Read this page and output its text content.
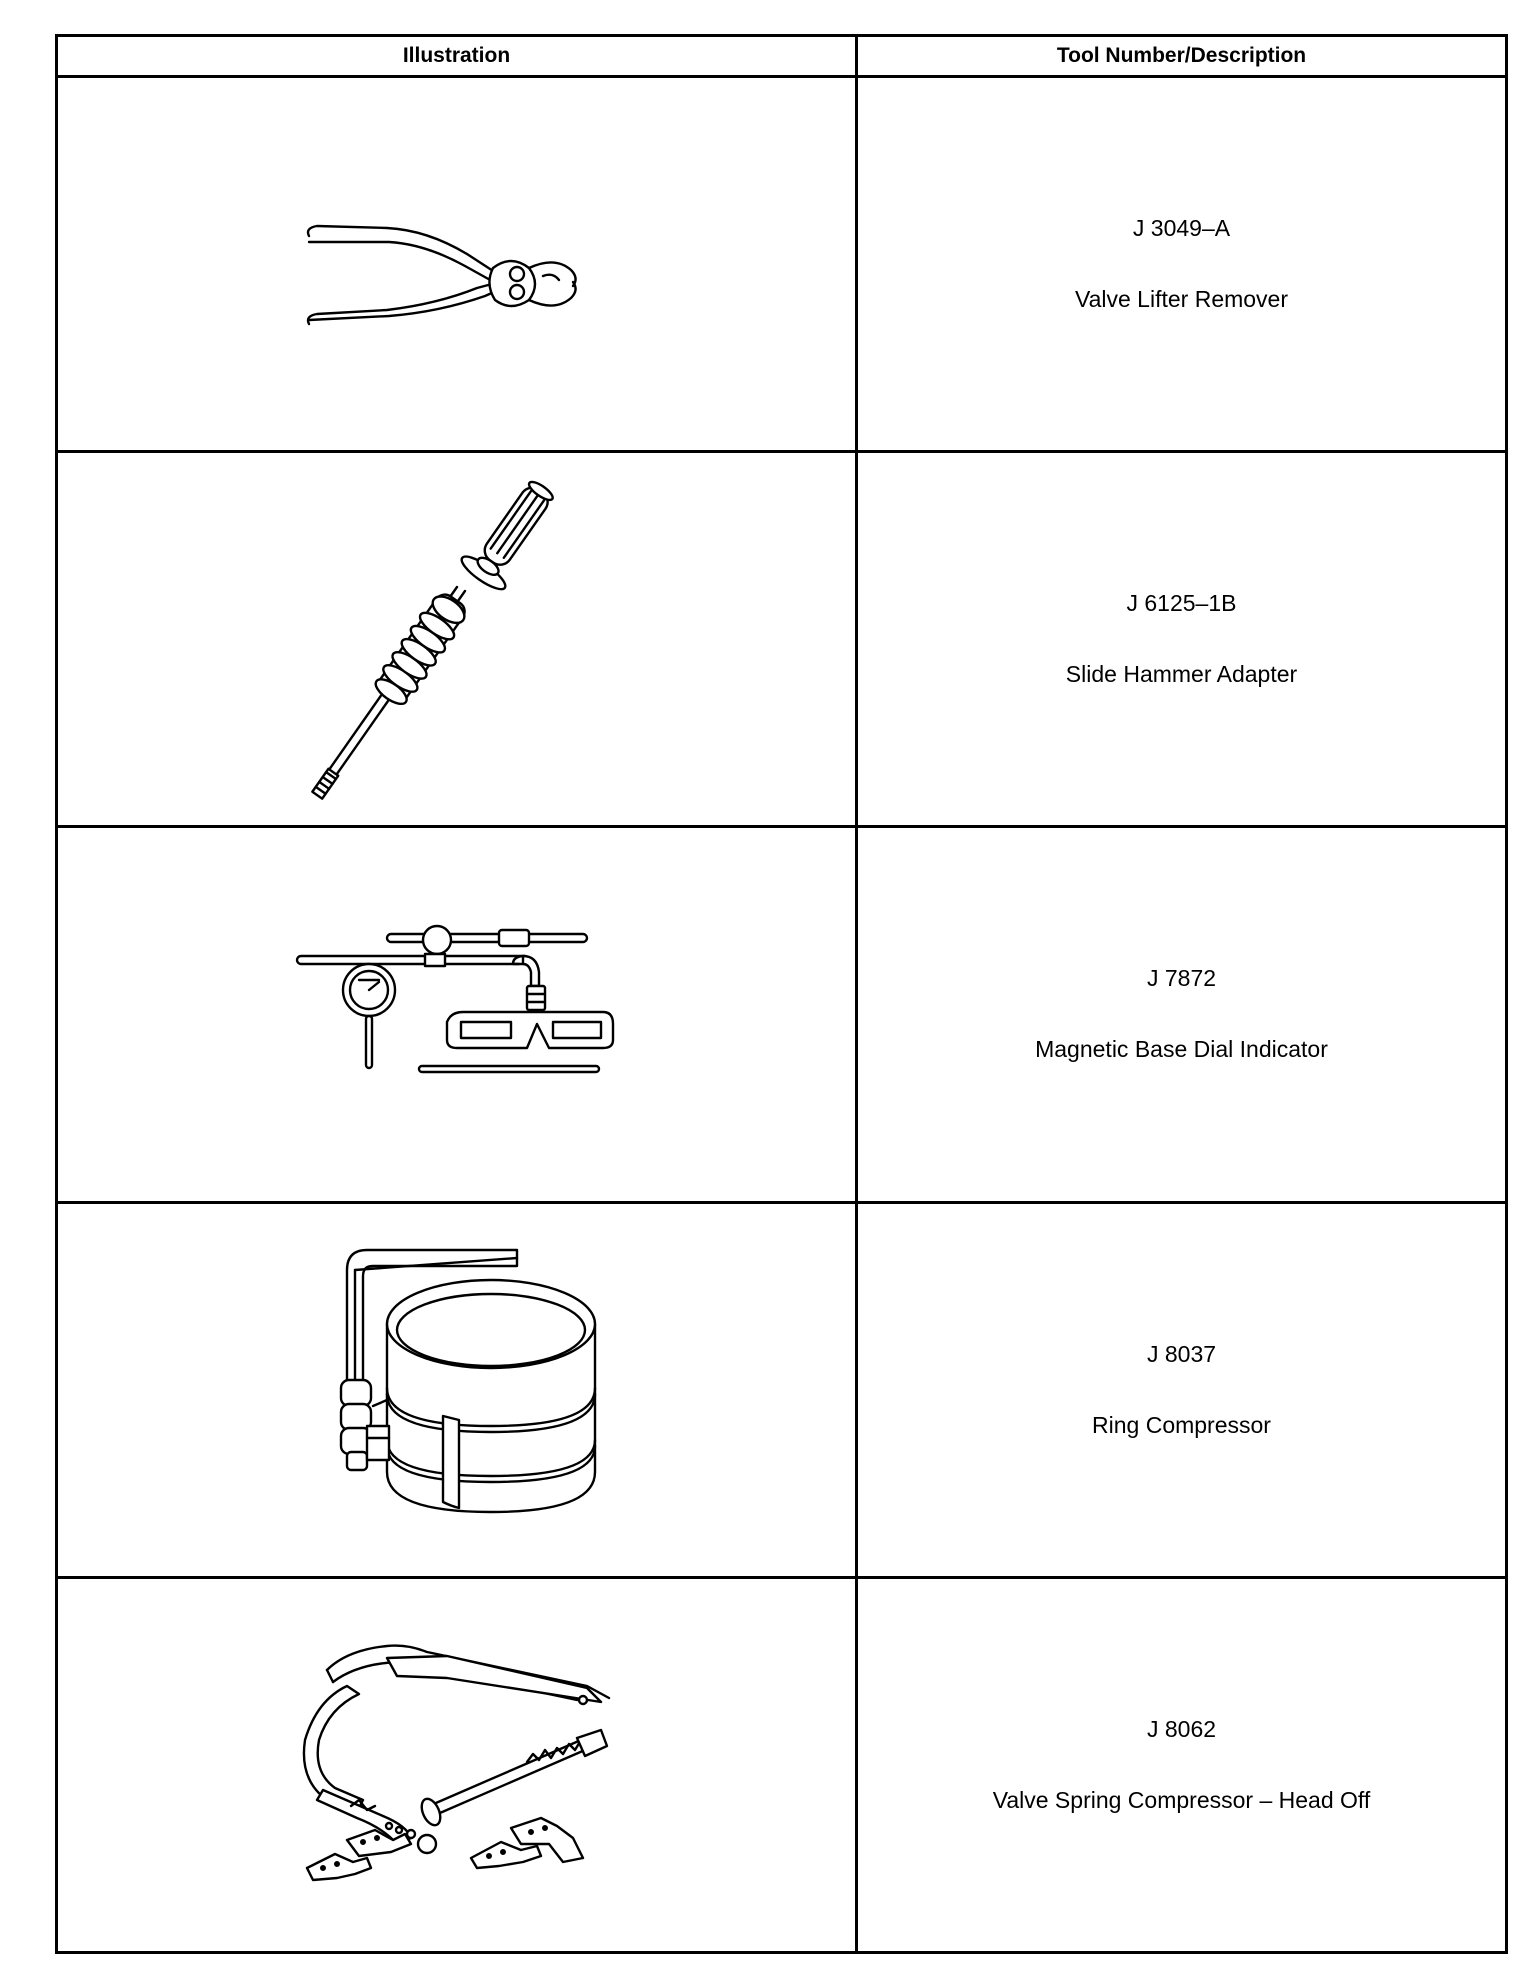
Illustration	Tool Number/Description

J 3049–A
Valve Lifter Remover

J 6125–1B
Slide Hammer Adapter

J 7872
Magnetic Base Dial Indicator

J 8037
Ring Compressor

J 8062
Valve Spring Compressor – Head Off
